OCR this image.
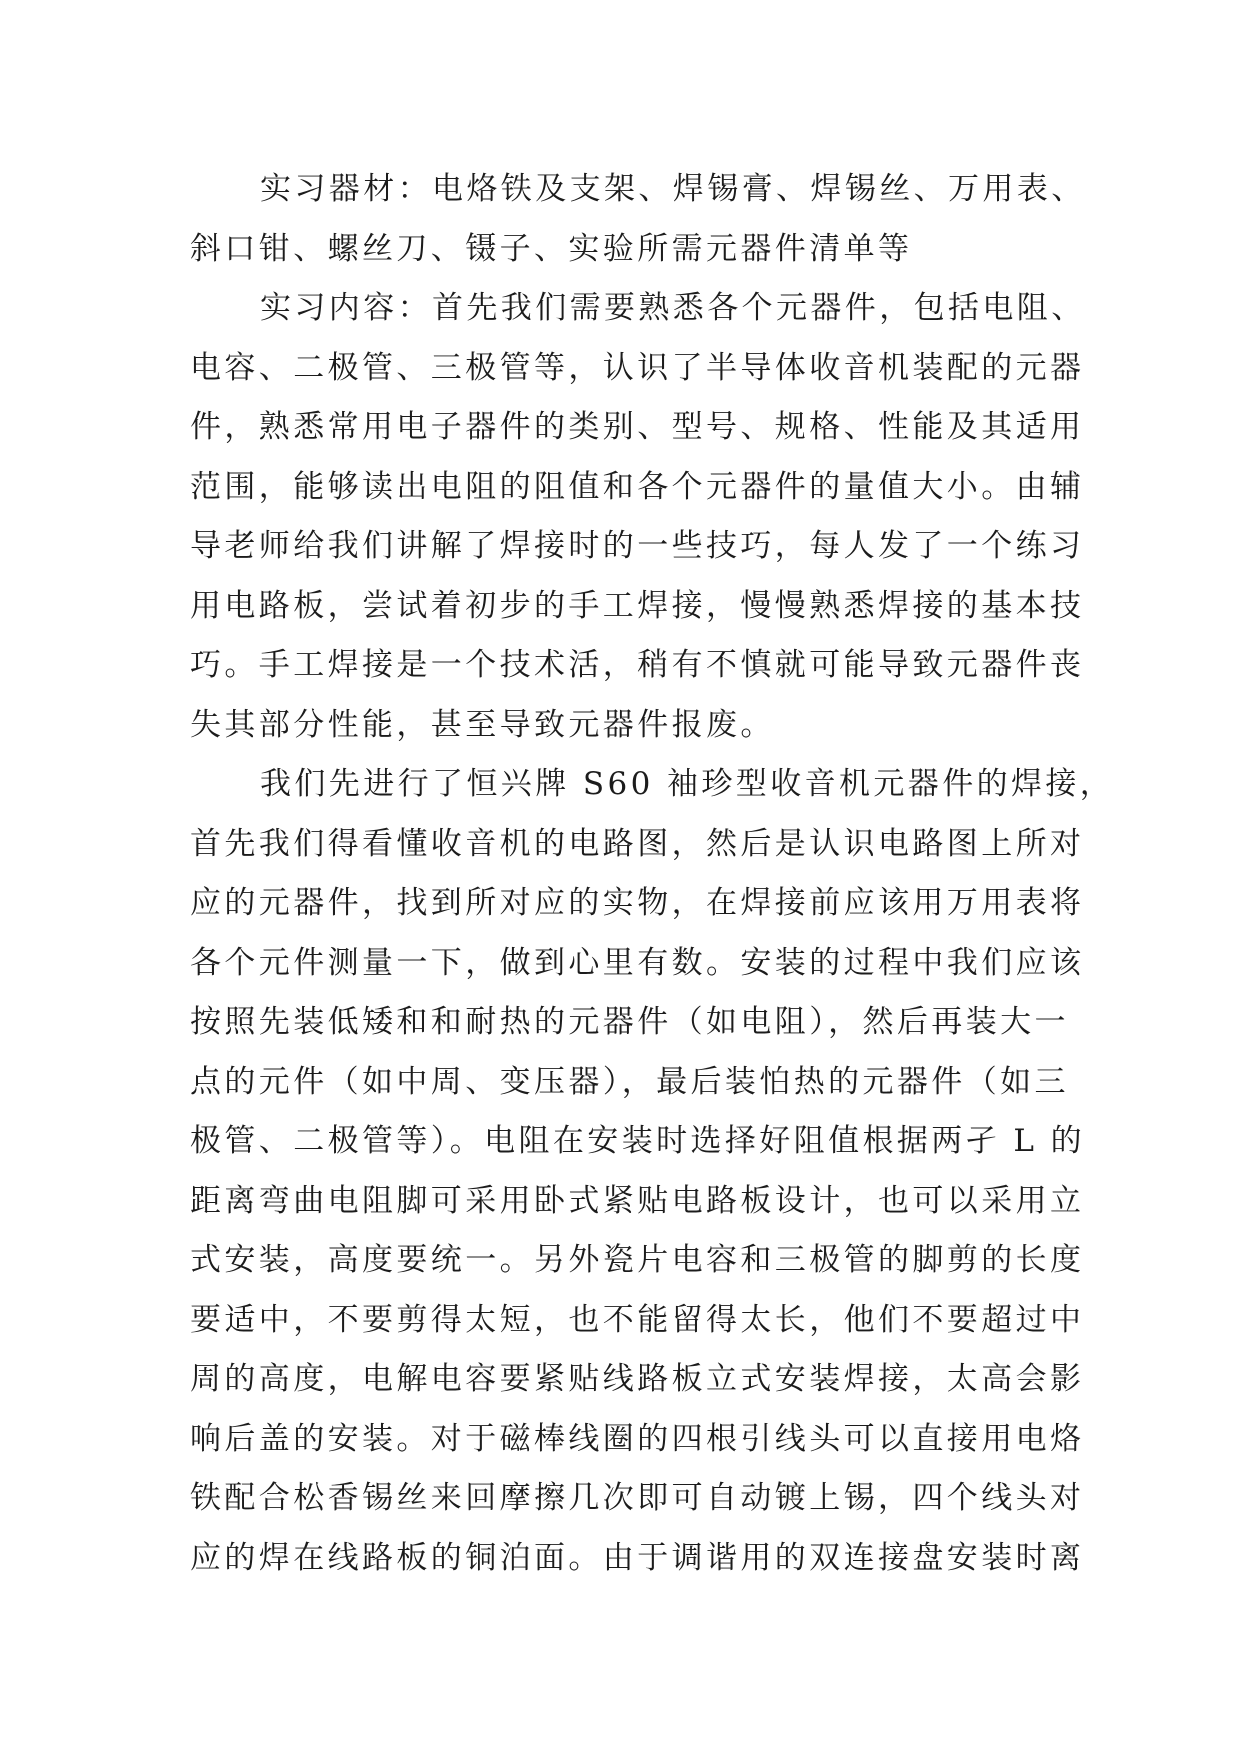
实习器材：电烙铁及支架、焊锡膏、焊锡丝、万用表、
斜口钳、螺丝刀、镊子、实验所需元器件清单等
实习内容：首先我们需要熟悉各个元器件，包括电阻、
电容、二极管、三极管等，认识了半导体收音机装配的元器
件，熟悉常用电子器件的类别、型号、规格、性能及其适用
范围，能够读出电阻的阻值和各个元器件的量值大小。由辅
导老师给我们讲解了焊接时的一些技巧，每人发了一个练习
用电路板，尝试着初步的手工焊接，慢慢熟悉焊接的基本技
巧。手工焊接是一个技术活，稍有不慎就可能导致元器件丧
失其部分性能，甚至导致元器件报废。
我们先进行了恒兴牌 S60 袖珍型收音机元器件的焊接，
首先我们得看懂收音机的电路图，然后是认识电路图上所对
应的元器件，找到所对应的实物，在焊接前应该用万用表将
各个元件测量一下，做到心里有数。安装的过程中我们应该
按照先装低矮和和耐热的元器件（如电阻），然后再装大一
点的元件（如中周、变压器），最后装怕热的元器件（如三
极管、二极管等）。电阻在安装时选择好阻值根据两孑 L 的
距离弯曲电阻脚可采用卧式紧贴电路板设计，也可以采用立
式安装，高度要统一。另外瓷片电容和三极管的脚剪的长度
要适中，不要剪得太短，也不能留得太长，他们不要超过中
周的高度，电解电容要紧贴线路板立式安装焊接，太高会影
响后盖的安装。对于磁棒线圈的四根引线头可以直接用电烙
铁配合松香锡丝来回摩擦几次即可自动镀上锡，四个线头对
应的焊在线路板的铜泊面。由于调谐用的双连接盘安装时离
